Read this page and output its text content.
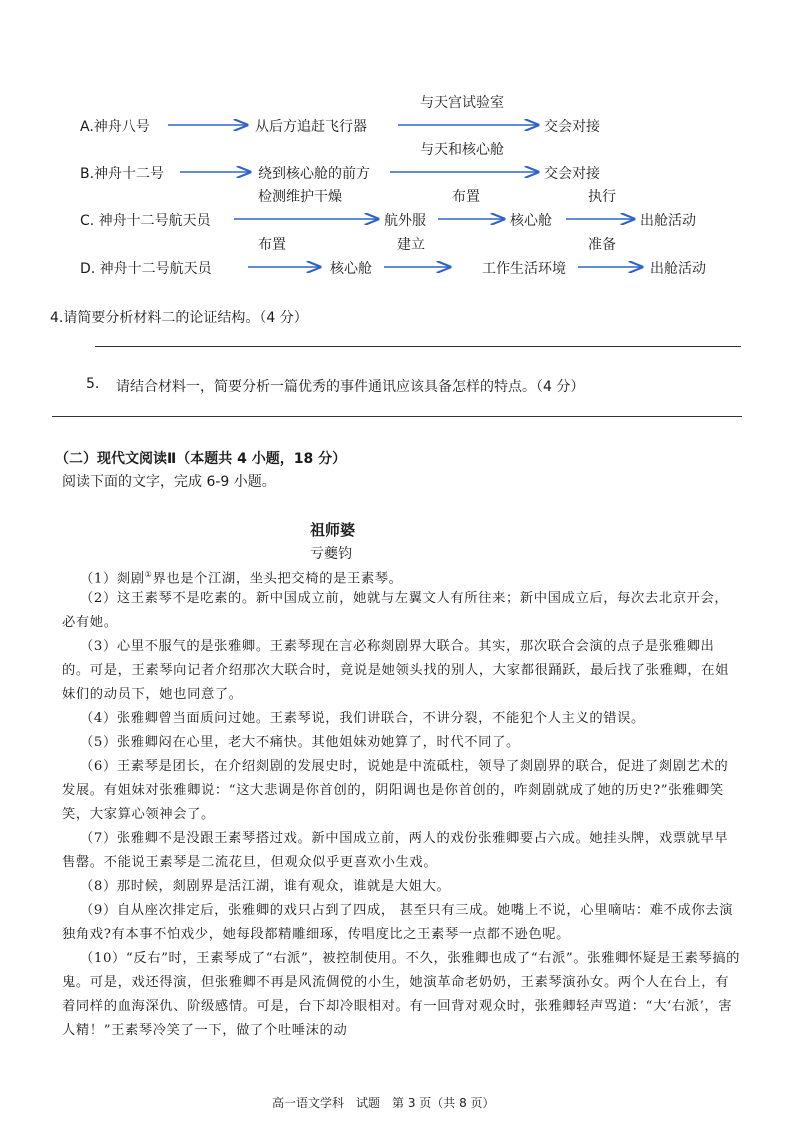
A.神舟八号	从后方追赶飞行器
与天宫试验室
交会对接
B.神舟十二号	绕到核心舱的前方
与天和核心舱
交会对接
检测维护干燥	布置	执行
C. 神舟十二号航天员	航外服	核心舱	出舱活动
布置	建立	准备
D. 神舟十二号航天员	核心舱	工作生活环境	出舱活动
4.请简要分析材料二的论证结构。（4 分）
5. 请结合材料一，简要分析一篇优秀的事件通讯应该具备怎样的特点。（4 分）
（二）现代文阅读Ⅱ（本题共 4 小题，18 分）
阅读下面的文字，完成 6-9 小题。
祖师婆
亏夔钧
（1）剡剧①界也是个江湖，坐头把交椅的是王素琴。
（2）这王素琴不是吃素的。新中国成立前，她就与左翼文人有所往来；新中国成立后，每次去北京开会，必有她。
（3）心里不服气的是张雅卿。王素琴现在言必称剡剧界大联合。其实，那次联合会演的点子是张雅卿出的。可是，王素琴向记者介绍那次大联合时，竟说是她领头找的别人，大家都很踊跃，最后找了张雅卿，在姐妹们的动员下，她也同意了。
（4）张雅卿曾当面质问过她。王素琴说，我们讲联合，不讲分裂，不能犯个人主义的错误。
（5）张雅卿闷在心里，老大不痛快。其他姐妹劝她算了，时代不同了。
（6）王素琴是团长，在介绍剡剧的发展史时，说她是中流砥柱，领导了剡剧界的联合，促进了剡剧艺术的发展。有姐妹对张雅卿说：“这大悲调是你首创的，阴阳调也是你首创的，咋剡剧就成了她的历史?”张雅卿笑笑，大家算心领神会了。
（7）张雅卿不是没跟王素琴搭过戏。新中国成立前，两人的戏份张雅卿要占六成。她挂头牌，戏票就早早售罄。不能说王素琴是二流花旦，但观众似乎更喜欢小生戏。
（8）那时候，剡剧界是活江湖，谁有观众，谁就是大姐大。
（9）自从座次排定后，张雅卿的戏只占到了四成， 甚至只有三成。她嘴上不说，心里嘀咕：难不成你去演独角戏?有本事不怕戏少，她每段都精雕细琢，传唱度比之王素琴一点都不逊色呢。
（10）“反右”时，王素琴成了“右派”，被控制使用。不久，张雅卿也成了“右派”。张雅卿怀疑是王素琴搞的鬼。可是，戏还得演，但张雅卿不再是风流倜傥的小生，她演革命老奶奶，王素琴演孙女。两个人在台上，有着同样的血海深仇、阶级感情。可是，台下却冷眼相对。有一回背对观众时，张雅卿轻声骂道：“大‘右派’，害人精！”王素琴冷笑了一下，做了个吐唾沫的动
高一语文学科　试题　第 3 页（共 8 页）
